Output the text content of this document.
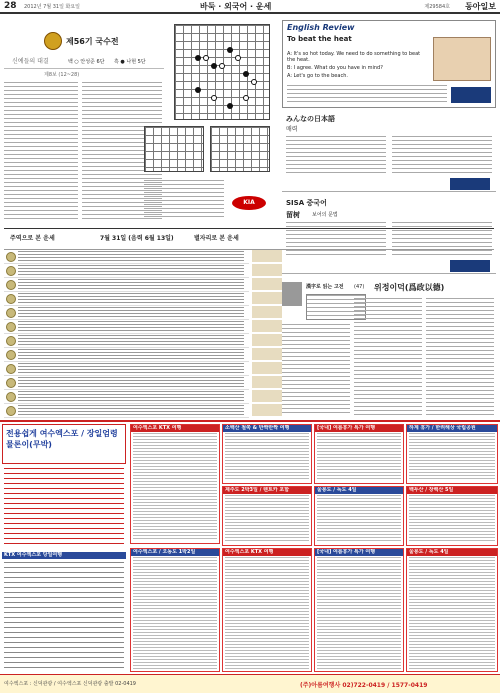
28 2012년 7월 31일 화요일	바둑 · 외국어 · 운세	제29584호 동아일보
제56기 국수전
신예들의 대결	백 ○ 안성준 6단 흑 ● 나현 5단
제8보 (12~28)
KIA
English Review
To beat the heat
A: It's so hot today. We need to do something to beat the heat.
B: I agree. What do you have in mind?
A: Let's go to the beach.
みんなの日本語
매력
SISA 중국어
留树 보어의 문법
주역으로 본 운세	7월 31일 (음력 6월 13일)	별자리로 본 운세
漢字로 읽는 고전 (47) 위정이덕(爲政以德)
전용쉽게 여수엑스포 / 장일엄령물론이(무박)
KTX 여수엑스포 당일여행
여수엑스포 KTX 여행	소백산 철쭉 & 반짝반짝 여행	[국내] 여름휴가 특가 여행	하계 휴가 / 한려해상 국립공원
제주도 2박3일 / 렌트카 포함	울릉도 / 독도 4일	백두산 / 장백산 5일
여수엑스포 / 오동도 1박2일	여수엑스포 KTX 여행	[국내] 여름휴가 특가 여행	울릉도 / 독도 4일
여수엑스포 : 신덕관광 / 여수엑스포 신덕관광 출발 02-0419	(주)아름여행사 02)722-0419 / 1577-0419
